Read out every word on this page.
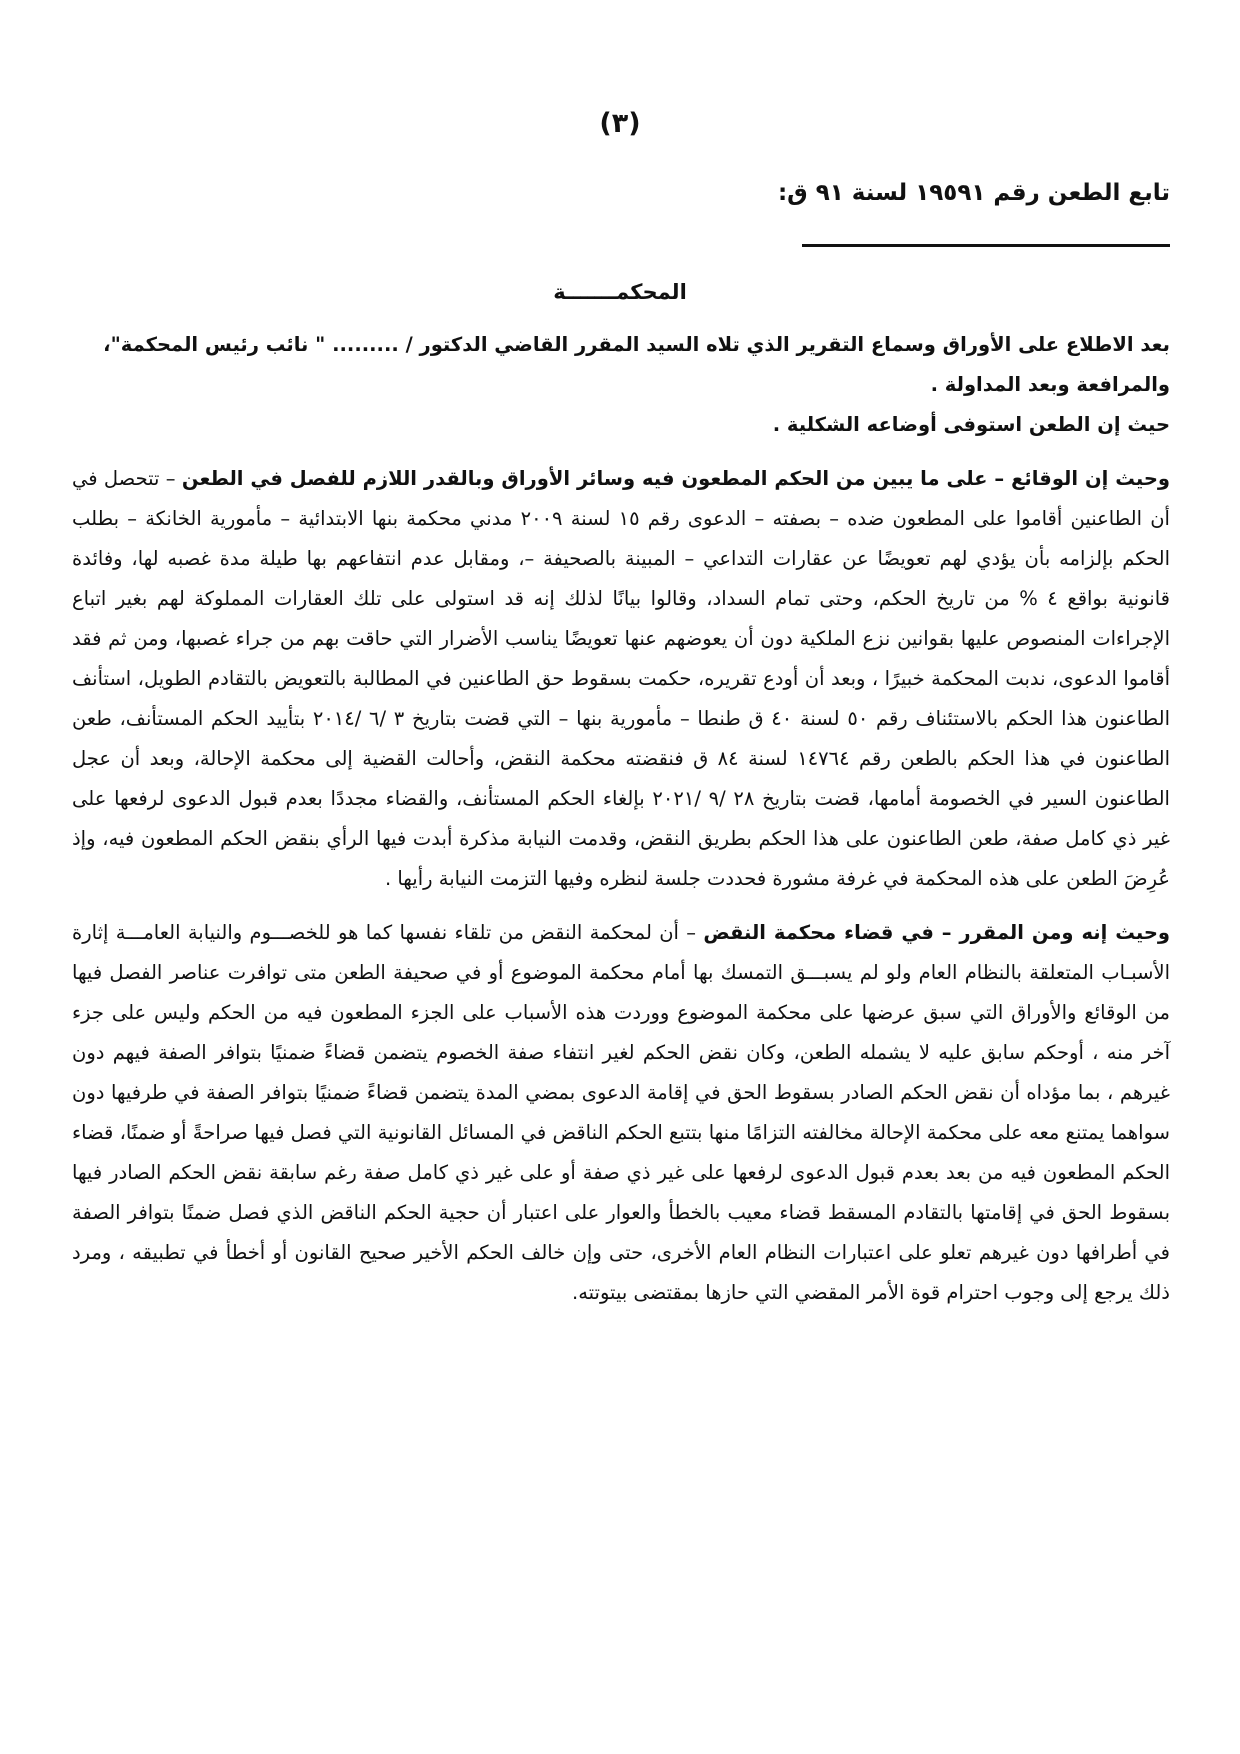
(٣)
تابع الطعن رقم ١٩٥٩١ لسنة ٩١ ق:
المحكمـــــــة

بعد الاطلاع على الأوراق وسماع التقرير الذي تلاه السيد المقرر القاضي الدكتور / ......... " نائب رئيس المحكمة"،

والمرافعة وبعد المداولة .

حيث إن الطعن استوفى أوضاعه الشكلية .

وحيث إن الوقائع – على ما يبين من الحكم المطعون فيه وسائر الأوراق وبالقدر اللازم للفصل في الطعن – تتحصل في أن الطاعنين أقاموا على المطعون ضده – بصفته – الدعوى رقم ١٥ لسنة ٢٠٠٩ مدني محكمة بنها الابتدائية – مأمورية الخانكة – بطلب الحكم بإلزامه بأن يؤدي لهم تعويضًا عن عقارات التداعي – المبينة بالصحيفة –، ومقابل عدم انتفاعهم بها طيلة مدة غصبه لها، وفائدة قانونية بواقع ٤ % من تاريخ الحكم، وحتى تمام السداد، وقالوا بيانًا لذلك إنه قد استولى على تلك العقارات المملوكة لهم بغير اتباع الإجراءات المنصوص عليها بقوانين نزع الملكية دون أن يعوضهم عنها تعويضًا يناسب الأضرار التي حاقت بهم من جراء غصبها، ومن ثم فقد أقاموا الدعوى، ندبت المحكمة خبيرًا ، وبعد أن أودع تقريره، حكمت بسقوط حق الطاعنين في المطالبة بالتعويض بالتقادم الطويل، استأنف الطاعنون هذا الحكم بالاستئناف رقم ٥٠ لسنة ٤٠ ق طنطا – مأمورية بنها – التي قضت بتاريخ ٣ /٦ /٢٠١٤ بتأييد الحكم المستأنف، طعن الطاعنون في هذا الحكم بالطعن رقم ١٤٧٦٤ لسنة ٨٤ ق فنقضته محكمة النقض، وأحالت القضية إلى محكمة الإحالة، وبعد أن عجل الطاعنون السير في الخصومة أمامها، قضت بتاريخ ٢٨ /٩ /٢٠٢١ بإلغاء الحكم المستأنف، والقضاء مجددًا بعدم قبول الدعوى لرفعها على غير ذي كامل صفة، طعن الطاعنون على هذا الحكم بطريق النقض، وقدمت النيابة مذكرة أبدت فيها الرأي بنقض الحكم المطعون فيه، وإذ عُرِضَ الطعن على هذه المحكمة في غرفة مشورة فحددت جلسة لنظره وفيها التزمت النيابة رأيها .

وحيث إنه ومن المقرر – في قضاء محكمة النقض – أن لمحكمة النقض من تلقاء نفسها كما هو للخصـــوم والنيابة العامـــة إثارة الأسبـاب المتعلقة بالنظام العام ولو لم يسبـــق التمسك بها أمام محكمة الموضوع أو في صحيفة الطعن متى توافرت عناصر الفصل فيها من الوقائع والأوراق التي سبق عرضها على محكمة الموضوع ووردت هذه الأسباب على الجزء المطعون فيه من الحكم وليس على جزء آخر منه ، أوحكم سابق عليه لا يشمله الطعن، وكان نقض الحكم لغير انتفاء صفة الخصوم يتضمن قضاءً ضمنيًا بتوافر الصفة فيهم دون غيرهم ، بما مؤداه أن نقض الحكم الصادر بسقوط الحق في إقامة الدعوى بمضي المدة يتضمن قضاءً ضمنيًا بتوافر الصفة في طرفيها دون سواهما يمتنع معه على محكمة الإحالة مخالفته التزامًا منها بتتبع الحكم الناقض في المسائل القانونية التي فصل فيها صراحةً أو ضمنًا، قضاء الحكم المطعون فيه من بعد بعدم قبول الدعوى لرفعها على غير ذي صفة أو على غير ذي كامل صفة رغم سابقة نقض الحكم الصادر فيها بسقوط الحق في إقامتها بالتقادم المسقط قضاء معيب بالخطأ والعوار على اعتبار أن حجية الحكم الناقض الذي فصل ضمنًا بتوافر الصفة في أطرافها دون غيرهم تعلو على اعتبارات النظام العام الأخرى، حتى وإن خالف الحكم الأخير صحيح القانون أو أخطأ في تطبيقه ، ومرد ذلك يرجع إلى وجوب احترام قوة الأمر المقضي التي حازها بمقتضى بيتوتته.
